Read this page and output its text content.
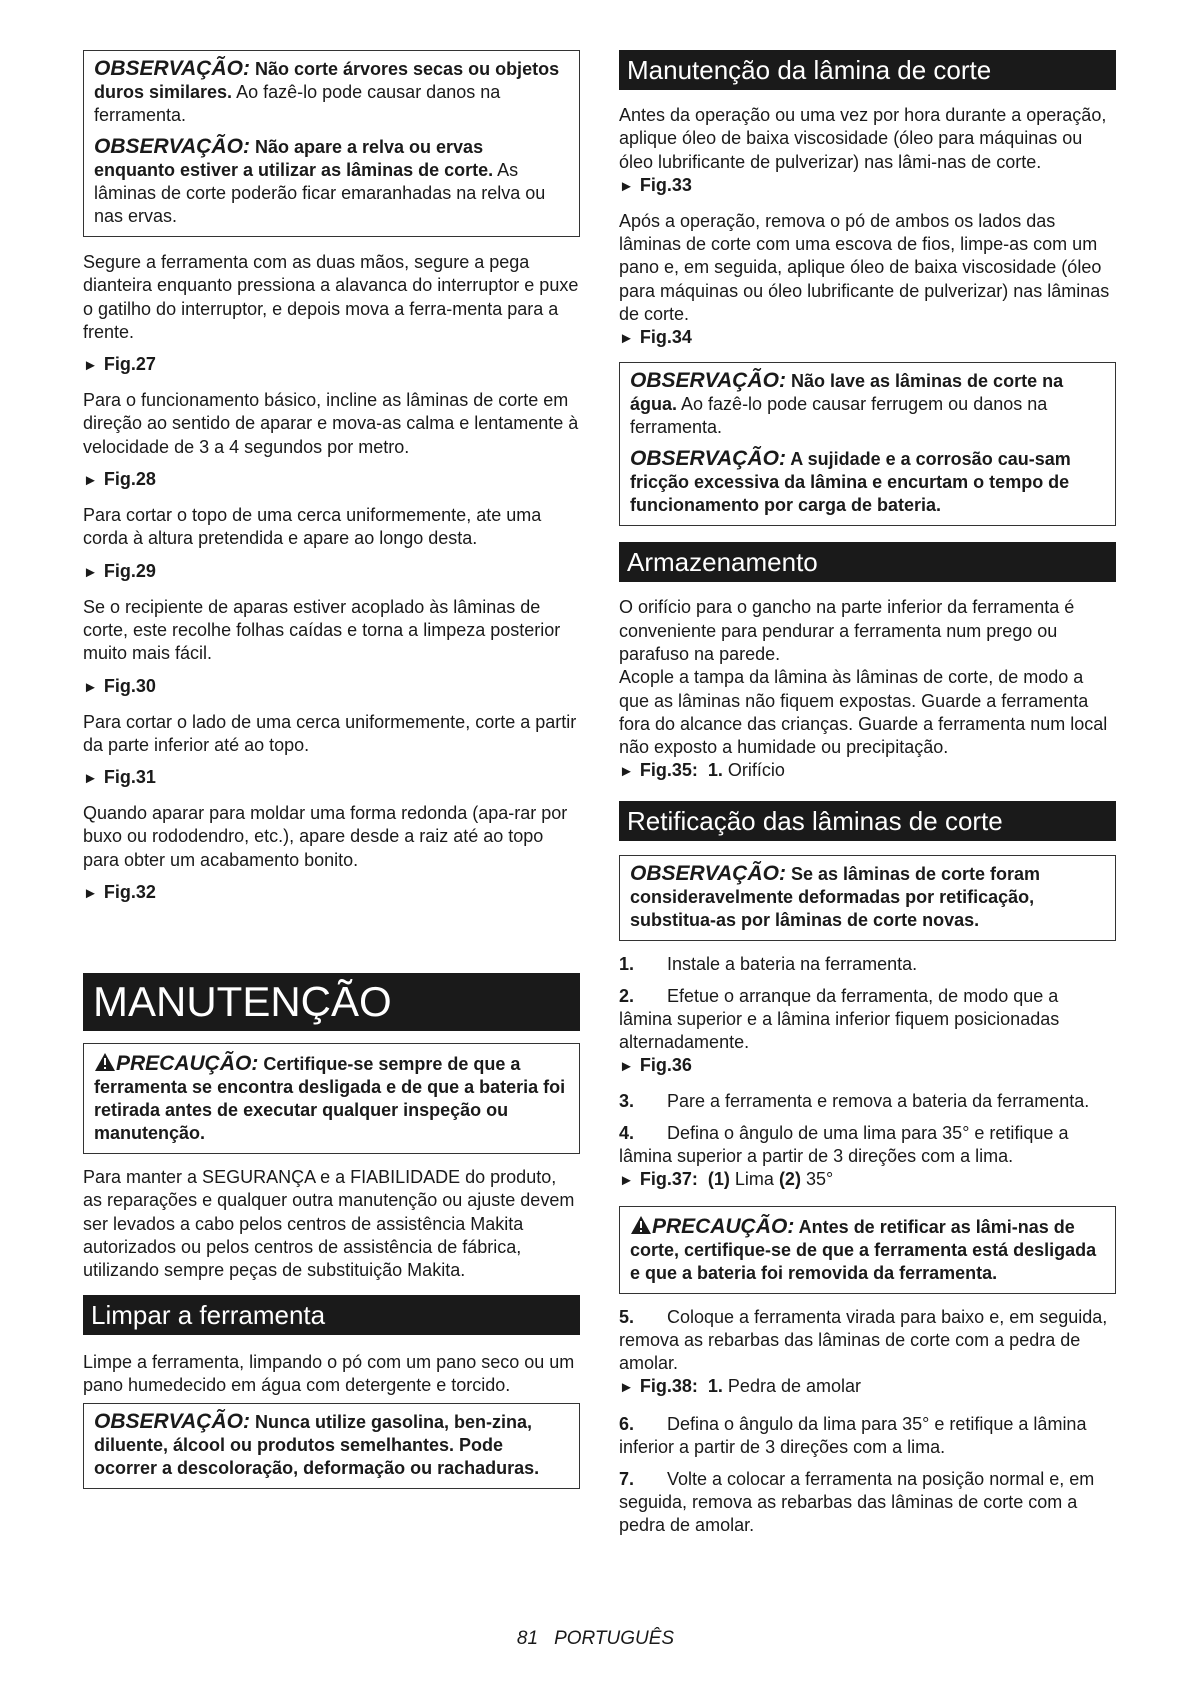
OBSERVAÇÃO: Não corte árvores secas ou objetos duros similares. Ao fazê-lo pode causar danos na ferramenta.

OBSERVAÇÃO: Não apare a relva ou ervas enquanto estiver a utilizar as lâminas de corte. As lâminas de corte poderão ficar emaranhadas na relva ou nas ervas.

Segure a ferramenta com as duas mãos, segure a pega dianteira enquanto pressiona a alavanca do interruptor e puxe o gatilho do interruptor, e depois mova a ferra-menta para a frente.

► Fig.27

Para o funcionamento básico, incline as lâminas de corte em direção ao sentido de aparar e mova-as calma e lentamente à velocidade de 3 a 4 segundos por metro.

► Fig.28

Para cortar o topo de uma cerca uniformemente, ate uma corda à altura pretendida e apare ao longo desta.

► Fig.29

Se o recipiente de aparas estiver acoplado às lâminas de corte, este recolhe folhas caídas e torna a limpeza posterior muito mais fácil.

► Fig.30

Para cortar o lado de uma cerca uniformemente, corte a partir da parte inferior até ao topo.

► Fig.31

Quando aparar para moldar uma forma redonda (apa-rar por buxo ou rododendro, etc.), apare desde a raiz até ao topo para obter um acabamento bonito.

► Fig.32

MANUTENÇÃO

PRECAUÇÃO: Certifique-se sempre de que a ferramenta se encontra desligada e de que a bateria foi retirada antes de executar qualquer inspeção ou manutenção.

Para manter a SEGURANÇA e a FIABILIDADE do produto, as reparações e qualquer outra manutenção ou ajuste devem ser levados a cabo pelos centros de assistência Makita autorizados ou pelos centros de assistência de fábrica, utilizando sempre peças de substituição Makita.

Limpar a ferramenta

Limpe a ferramenta, limpando o pó com um pano seco ou um pano humedecido em água com detergente e torcido.

OBSERVAÇÃO: Nunca utilize gasolina, ben-zina, diluente, álcool ou produtos semelhantes. Pode ocorrer a descoloração, deformação ou rachaduras.

Manutenção da lâmina de corte

Antes da operação ou uma vez por hora durante a operação, aplique óleo de baixa viscosidade (óleo para máquinas ou óleo lubrificante de pulverizar) nas lâmi-nas de corte.

► Fig.33

Após a operação, remova o pó de ambos os lados das lâminas de corte com uma escova de fios, limpe-as com um pano e, em seguida, aplique óleo de baixa viscosidade (óleo para máquinas ou óleo lubrificante de pulverizar) nas lâminas de corte.

► Fig.34

OBSERVAÇÃO: Não lave as lâminas de corte na água. Ao fazê-lo pode causar ferrugem ou danos na ferramenta.

OBSERVAÇÃO: A sujidade e a corrosão cau-sam fricção excessiva da lâmina e encurtam o tempo de funcionamento por carga de bateria.

Armazenamento

O orifício para o gancho na parte inferior da ferramenta é conveniente para pendurar a ferramenta num prego ou parafuso na parede.

Acople a tampa da lâmina às lâminas de corte, de modo a que as lâminas não fiquem expostas. Guarde a ferramenta fora do alcance das crianças. Guarde a ferramenta num local não exposto a humidade ou precipitação.

► Fig.35: 1. Orifício

Retificação das lâminas de corte

OBSERVAÇÃO: Se as lâminas de corte foram consideravelmente deformadas por retificação, substitua-as por lâminas de corte novas.

1. Instale a bateria na ferramenta.

2. Efetue o arranque da ferramenta, de modo que a lâmina superior e a lâmina inferior fiquem posicionadas alternadamente.

► Fig.36

3. Pare a ferramenta e remova a bateria da ferramenta.

4. Defina o ângulo de uma lima para 35° e retifique a lâmina superior a partir de 3 direções com a lima.

► Fig.37: (1) Lima (2) 35°

PRECAUÇÃO: Antes de retificar as lâmi-nas de corte, certifique-se de que a ferramenta está desligada e que a bateria foi removida da ferramenta.

5. Coloque a ferramenta virada para baixo e, em seguida, remova as rebarbas das lâminas de corte com a pedra de amolar.

► Fig.38: 1. Pedra de amolar

6. Defina o ângulo da lima para 35° e retifique a lâmina inferior a partir de 3 direções com a lima.

7. Volte a colocar a ferramenta na posição normal e, em seguida, remova as rebarbas das lâminas de corte com a pedra de amolar.

81 PORTUGUÊS
